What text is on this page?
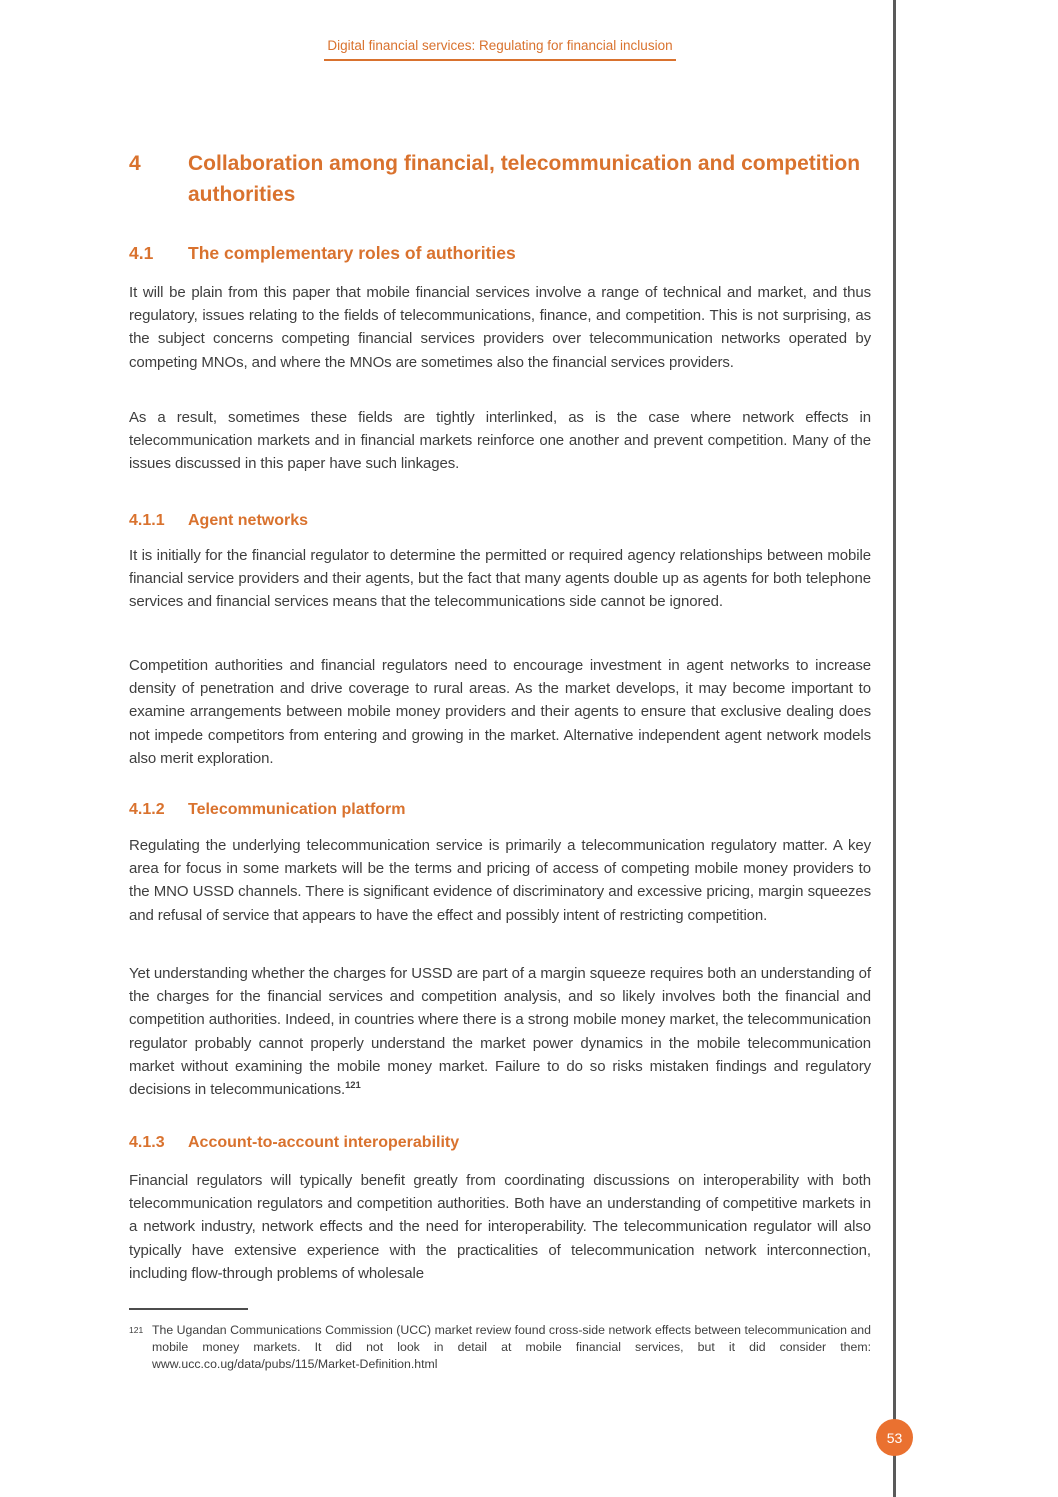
Digital financial services: Regulating for financial inclusion
4	Collaboration among financial, telecommunication and competition authorities
4.1	The complementary roles of authorities

It will be plain from this paper that mobile financial services involve a range of technical and market, and thus regulatory, issues relating to the fields of telecommunications, finance, and competition. This is not surprising, as the subject concerns competing financial services providers over telecommunication networks operated by competing MNOs, and where the MNOs are sometimes also the financial services providers.

As a result, sometimes these fields are tightly interlinked, as is the case where network effects in telecommunication markets and in financial markets reinforce one another and prevent competition. Many of the issues discussed in this paper have such linkages.

4.1.1	Agent networks

It is initially for the financial regulator to determine the permitted or required agency relationships between mobile financial service providers and their agents, but the fact that many agents double up as agents for both telephone services and financial services means that the telecommunications side cannot be ignored.

Competition authorities and financial regulators need to encourage investment in agent networks to increase density of penetration and drive coverage to rural areas. As the market develops, it may become important to examine arrangements between mobile money providers and their agents to ensure that exclusive dealing does not impede competitors from entering and growing in the market. Alternative independent agent network models also merit exploration.

4.1.2	Telecommunication platform

Regulating the underlying telecommunication service is primarily a telecommunication regulatory matter. A key area for focus in some markets will be the terms and pricing of access of competing mobile money providers to the MNO USSD channels. There is significant evidence of discriminatory and excessive pricing, margin squeezes and refusal of service that appears to have the effect and possibly intent of restricting competition.

Yet understanding whether the charges for USSD are part of a margin squeeze requires both an understanding of the charges for the financial services and competition analysis, and so likely involves both the financial and competition authorities. Indeed, in countries where there is a strong mobile money market, the telecommunication regulator probably cannot properly understand the market power dynamics in the mobile telecommunication market without examining the mobile money market. Failure to do so risks mistaken findings and regulatory decisions in telecommunications.$^{121}$

4.1.3	Account-to-account interoperability

Financial regulators will typically benefit greatly from coordinating discussions on interoperability with both telecommunication regulators and competition authorities. Both have an understanding of competitive markets in a network industry, network effects and the need for interoperability. The telecommunication regulator will also typically have extensive experience with the practicalities of telecommunication network interconnection, including flow-through problems of wholesale

121 The Ugandan Communications Commission (UCC) market review found cross-side network effects between telecommunication and mobile money markets. It did not look in detail at mobile financial services, but it did consider them: www.ucc.co.ug/data/pubs/115/Market-Definition.html
53
